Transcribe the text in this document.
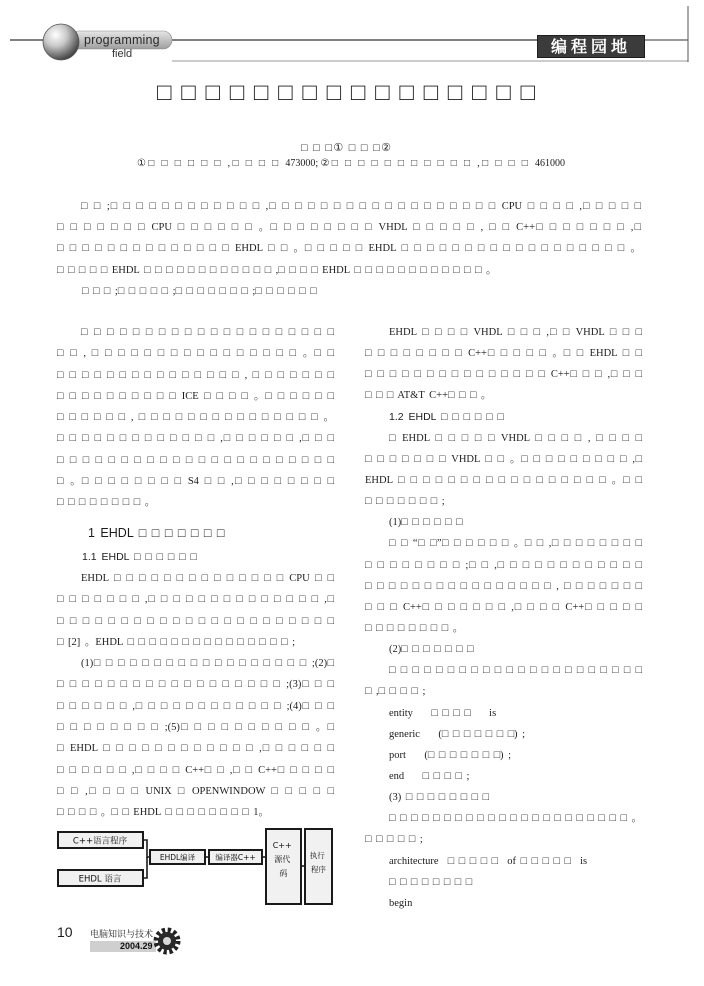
programming
field	编程园地
□ □ □ □ □ □ □ □ □ □ □ □ □ □ □ □
□ □ □① □ □ □②
①□ □ □ □ □ □ ,□ □ □ □ 473000;②□ □ □ □ □ □ □ □ □ □ □ ,□ □ □ □ 461000
□ □ ;□ □ □ □ □ □ □ □ □ □ □ □ ,□ □ □ □ □ □ □ □ □ □ □ □ □ □ □ □ □ □ CPU □ □ □ □ ,□ □ □ □ □
□ □ □ □ □ □ □ CPU □ □ □ □ □ □ 。□ □ □ □ □ □ □ □ VHDL □ □ □ □ □ , □ □ C++□ □ □ □ □ □ □ ,□
□ □ □ □ □ □ □ □ □ □ □ □ □ □ EHDL □ □ 。□ □ □ □ □ EHDL □ □ □ □ □ □ □ □ □ □ □ □ □ □ □ □ □ □ 。
□ □ □ □ □ EHDL □ □ □ □ □ □ □ □ □ □ □ □ ,□ □ □ □ EHDL □ □ □ □ □ □ □ □ □ □ □ □ 。
□ □ □ ;□ □ □ □ □ ;□ □ □ □ □ □ □ ;□ □ □ □ □ □
□ □ □ □ □ □ □ □ □ □ □ □ □ □ □ □ □ □ □ □
□ □ , □ □ □ □ □ □ □ □ □ □ □ □ □ □ □ □ 。□ □
□ □ □ □ □ □ □ □ □ □ □ □ □ □ □ , □ □ □ □ □ □ □
□ □ □ □ □ □ □ □ □ □ ICE □ □ □ □ 。□ □ □ □ □ □
□ □ □ □ □ □ , □ □ □ □ □ □ □ □ □ □ □ □ □ □ □ 。
□ □ □ □ □ □ □ □ □ □ □ □ □ ,□ □ □ □ □ □ ,□ □ □
□ □ □ □ □ □ □ □ □ □ □ □ □ □ □ □ □ □ □ □ □ □
□ 。□ □ □ □ □ □ □ □ S4 □ □ ,□ □ □ □ □ □ □ □
□ □ □ □ □ □ □ □ 。
1 EHDL □ □ □ □ □ □ □
1.1 EHDL □ □ □ □ □ □
EHDL □ □ □ □ □ □ □ □ □ □ □ □ □ □ CPU □ □
□ □ □ □ □ □ □ ,□ □ □ □ □ □ □ □ □ □ □ □ □ □ ,□
□ □ □ □ □ □ □ □ □ □ □ □ □ □ □ □ □ □ □ □ □ □
□ [2] 。EHDL □ □ □ □ □ □ □ □ □ □ □ □ □ □ □ ;
(1)□ □ □ □ □ □ □ □ □ □ □ □ □ □ □ □ □ □ ;(2)□
□ □ □ □ □ □ □ □ □ □ □ □ □ □ □ □ □ □ ;(3)□ □ □
□ □ □ □ □ □ ,□ □ □ □ □ □ □ □ □ □ □ □ ;(4)□ □ □
□ □ □ □ □ □ □ □ ;(5)□ □ □ □ □ □ □ □ □ □ 。□
□ EHDL □ □ □ □ □ □ □ □ □ □ □ □ ,□ □ □ □ □ □
□ □ □ □ □ □ ,□ □ □ □ C++□ □ ,□ □ C++□ □ □ □ □
□ □ ,□ □ □ □ UNIX □ OPENWINDOW □ □ □ □ □
□ □ □ □ 。□ □ EHDL □ □ □ □ □ □ □ □ 1。
C++语言程序
EHDL 语言
EHDL编译	编译器C++
C++ 源代 码
执行 程序
EHDL □ □ □ □ VHDL □ □ □ ,□ □ VHDL □ □ □
□ □ □ □ □ □ □ □ C++□ □ □ □ □ 。□ □ EHDL □ □
□ □ □ □ □ □ □ □ □ □ □ □ □ □ □ C++□ □ □ ,□ □ □
□ □ □ AT&T C++□ □ □ 。
1.2 EHDL □ □ □ □ □ □
□ EHDL □ □ □ □ □ VHDL □ □ □ □ , □ □ □ □
□ □ □ □ □ □ □ VHDL □ □ 。□ □ □ □ □ □ □ □ □ ,□
EHDL □ □ □ □ □ □ □ □ □ □ □ □ □ □ □ □ □ 。□ □
□ □ □ □ □ □ □ ;
(1)□ □ □ □ □ □
□ □ “□ □”□ □ □ □ □ □ 。□ □ ,□ □ □ □ □ □ □ □
□ □ □ □ □ □ □ □ ;□ □ ,□ □ □ □ □ □ □ □ □ □ □ □
□ □ □ □ □ □ □ □ □ □ □ □ □ □ □ □ , □ □ □ □ □ □ □
□ □ □ C++□ □ □ □ □ □ □ ,□ □ □ □ C++□ □ □ □ □
□ □ □ □ □ □ □ □ 。
(2)□ □ □ □ □ □ □
□ □ □ □ □ □ □ □ □ □ □ □ □ □ □ □ □ □ □ □ □ □
□ ,□ □ □ □ ;
entity    □ □ □ □    is
generic    (□ □ □ □ □ □ □) ;
port    (□ □ □ □ □ □ □) ;
end    □ □ □ □ ;
(3) □ □ □ □ □ □ □ □
□ □ □ □ □ □ □ □ □ □ □ □ □ □ □ □ □ □ □ □ □ □ 。
□ □ □ □ □ ;
architecture  □ □ □ □ □  of □ □ □ □ □  is
□ □ □ □ □ □ □ □
begin
10 电脑知识与技术
2004.29
